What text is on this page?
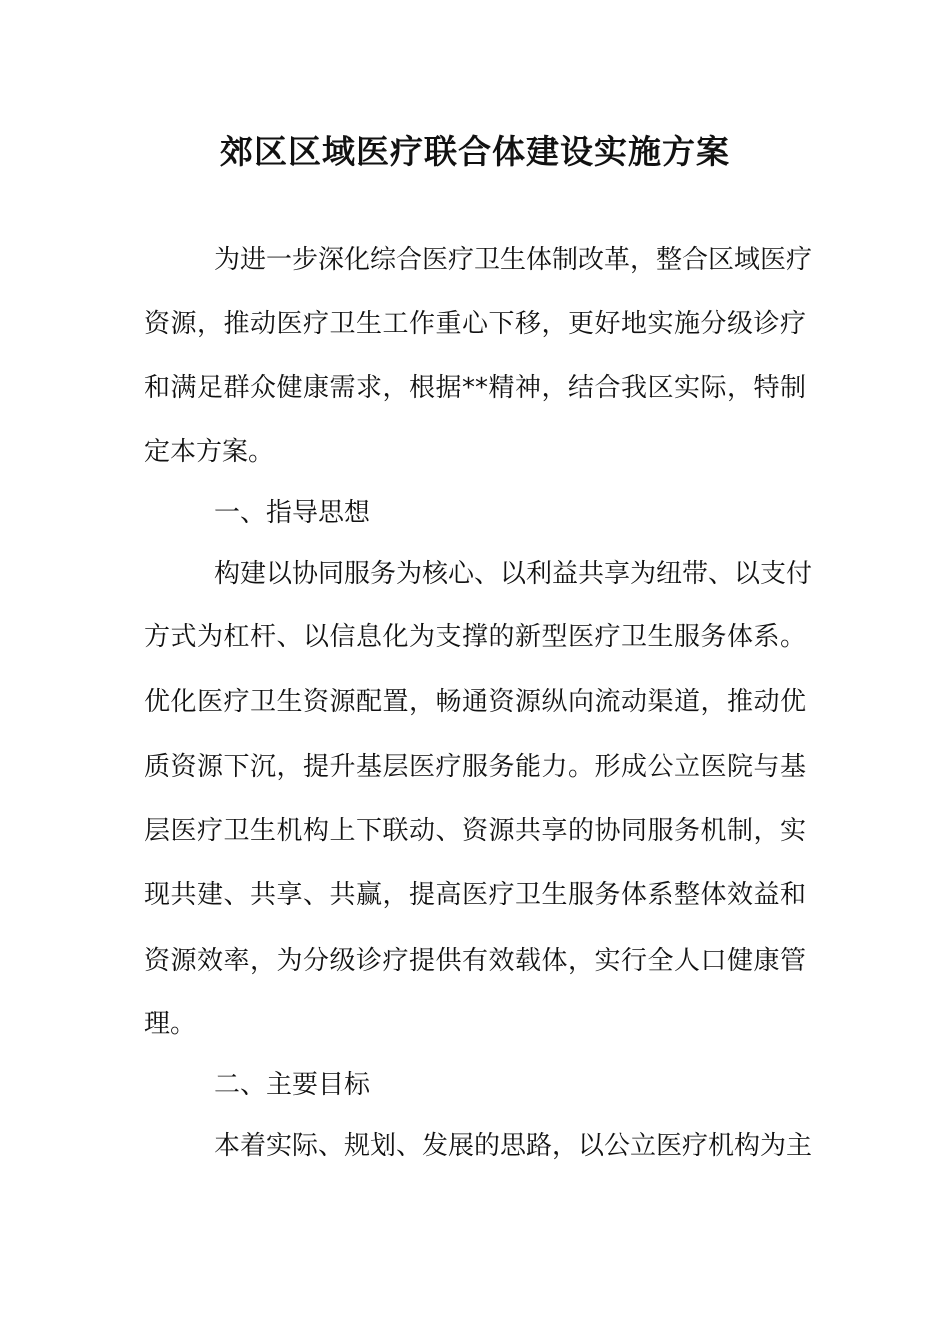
郊区区域医疗联合体建设实施方案
为进一步深化综合医疗卫生体制改革，整合区域医疗
资源，推动医疗卫生工作重心下移，更好地实施分级诊疗
和满足群众健康需求，根据**精神，结合我区实际，特制
定本方案。
一、指导思想
构建以协同服务为核心、以利益共享为纽带、以支付
方式为杠杆、以信息化为支撑的新型医疗卫生服务体系。
优化医疗卫生资源配置，畅通资源纵向流动渠道，推动优
质资源下沉，提升基层医疗服务能力。形成公立医院与基
层医疗卫生机构上下联动、资源共享的协同服务机制，实
现共建、共享、共赢，提高医疗卫生服务体系整体效益和
资源效率，为分级诊疗提供有效载体，实行全人口健康管
理。
二、主要目标
本着实际、规划、发展的思路，以公立医疗机构为主
